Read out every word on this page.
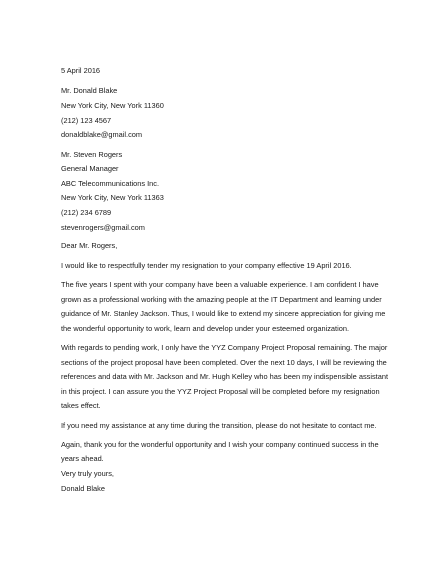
5 April 2016

Mr. Donald Blake

New York City, New York 11360

(212) 123 4567

donaldblake@gmail.com

Mr. Steven Rogers

General Manager

ABC Telecommunications Inc.

New York City, New York 11363

(212) 234 6789

stevenrogers@gmail.com

Dear Mr. Rogers,

I would like to respectfully tender my resignation to your company effective 19 April 2016.

The five years I spent with your company have been a valuable experience. I am confident I have

grown as a professional working with the amazing people at the IT Department and learning under

guidance of Mr. Stanley Jackson. Thus, I would like to extend my sincere appreciation for giving me

the wonderful opportunity to work, learn and develop under your esteemed organization.

With regards to pending work, I only have the YYZ Company Project Proposal remaining. The major

sections of the project proposal have been completed. Over the next 10 days, I will be reviewing the

references and data with Mr. Jackson and Mr. Hugh Kelley who has been my indispensible assistant

in this project. I can assure you the YYZ Project Proposal will be completed before my resignation

takes effect.

If you need my assistance at any time during the transition, please do not hesitate to contact me.

Again, thank you for the wonderful opportunity and I wish your company continued success in the

years ahead.

Very truly yours,

Donald Blake
